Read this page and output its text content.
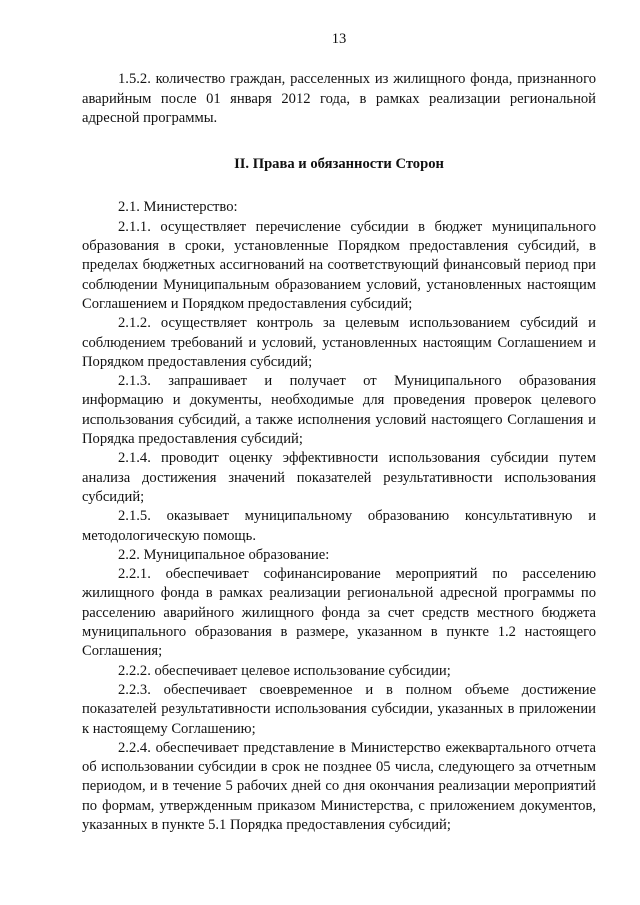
13

1.5.2. количество граждан, расселенных из жилищного фонда, признанного аварийным после 01 января 2012 года, в рамках реализации региональной адресной программы.

II. Права и обязанности Сторон

2.1. Министерство:

2.1.1. осуществляет перечисление субсидии в бюджет муниципального образования в сроки, установленные Порядком предоставления субсидий, в пределах бюджетных ассигнований на соответствующий финансовый период при соблюдении Муниципальным образованием условий, установленных настоящим Соглашением и Порядком предоставления субсидий;

2.1.2. осуществляет контроль за целевым использованием субсидий и соблюдением требований и условий, установленных настоящим Соглашением и Порядком предоставления субсидий;

2.1.3. запрашивает и получает от Муниципального образования информацию и документы, необходимые для проведения проверок целевого использования субсидий, а также исполнения условий настоящего Соглашения и Порядка предоставления субсидий;

2.1.4. проводит оценку эффективности использования субсидии путем анализа достижения значений показателей результативности использования субсидий;

2.1.5. оказывает муниципальному образованию консультативную и методологическую помощь.

2.2. Муниципальное образование:

2.2.1. обеспечивает софинансирование мероприятий по расселению жилищного фонда в рамках реализации региональной адресной программы по расселению аварийного жилищного фонда за счет средств местного бюджета муниципального образования в размере, указанном в пункте 1.2 настоящего Соглашения;

2.2.2. обеспечивает целевое использование субсидии;

2.2.3. обеспечивает своевременное и в полном объеме достижение показателей результативности использования субсидии, указанных в приложении к настоящему Соглашению;

2.2.4. обеспечивает представление в Министерство ежеквартального отчета об использовании субсидии в срок не позднее 05 числа, следующего за отчетным периодом, и в течение 5 рабочих дней со дня окончания реализации мероприятий по формам, утвержденным приказом Министерства, с приложением документов, указанных в пункте 5.1 Порядка предоставления субсидий;
